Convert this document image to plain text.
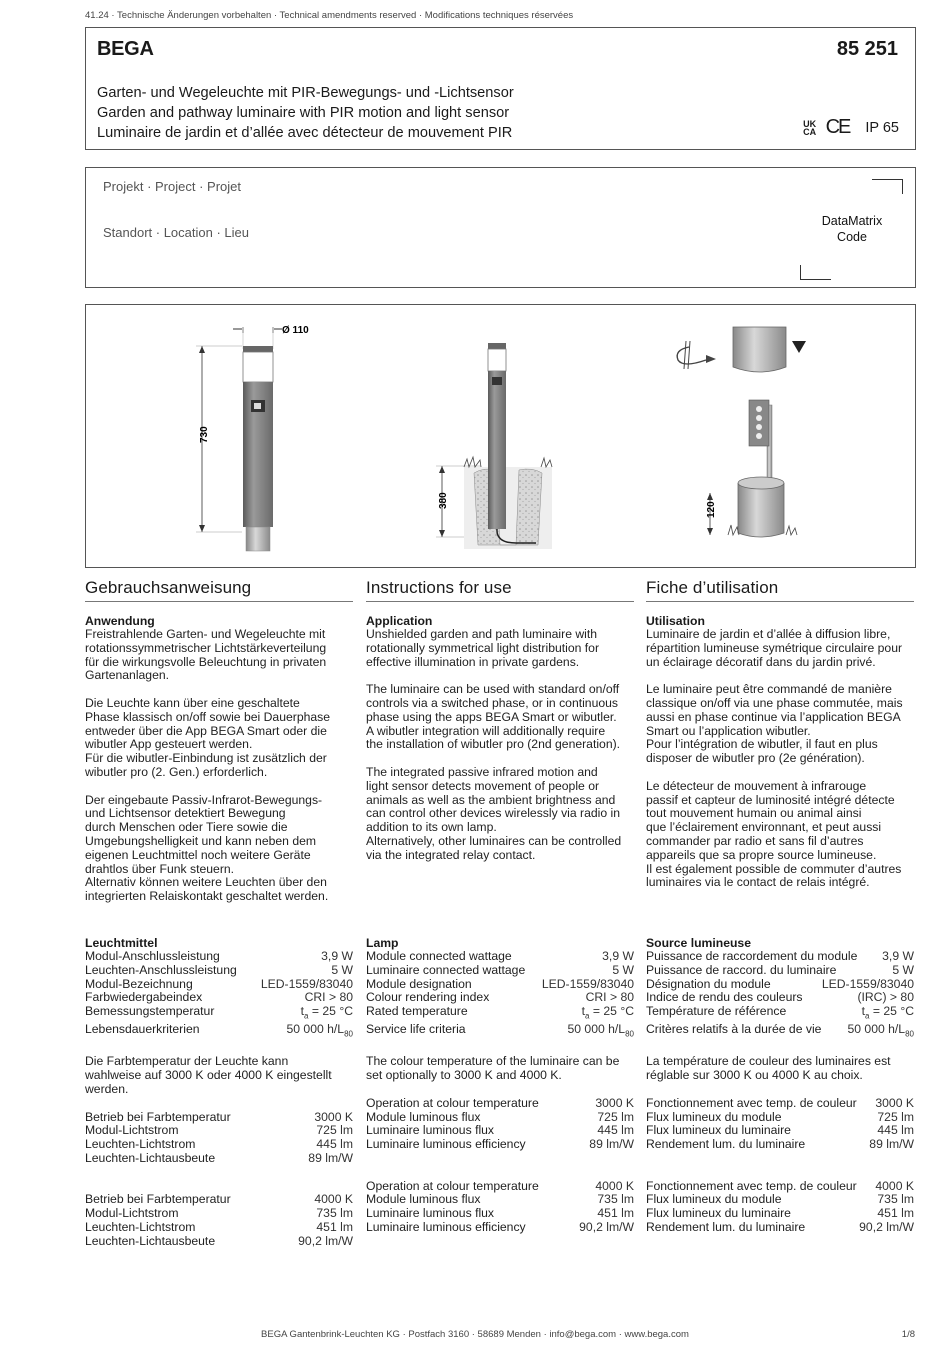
41.24 · Technische Änderungen vorbehalten · Technical amendments reserved · Modifications techniques réservées
BEGA	85 251
Garten- und Wegeleuchte mit PIR-Bewegungs- und -Lichtsensor
Garden and pathway luminaire with PIR motion and light sensor
Luminaire de jardin et d’allée avec détecteur de mouvement PIR
UK CA CE IP 65
Projekt · Project · Projet
Standort · Location · Lieu
DataMatrix
Code
Ø 110
730
380
120
Gebrauchsanweisung
Anwendung

Freistrahlende Garten- und Wegeleuchte mit
rotationssymmetrischer Lichtstärkeverteilung
für die wirkungsvolle Beleuchtung in privaten
Gartenanlagen.

Die Leuchte kann über eine geschaltete
Phase klassisch on/off sowie bei Dauerphase
entweder über die App BEGA Smart oder die
wibutler App gesteuert werden.
Für die wibutler-Einbindung ist zusätzlich der
wibutler pro (2. Gen.) erforderlich.

Der eingebaute Passiv-Infrarot-Bewegungs-
und Lichtsensor detektiert Bewegung
durch Menschen oder Tiere sowie die
Umgebungshelligkeit und kann neben dem
eigenen Leuchtmittel noch weitere Geräte
drahtlos über Funk steuern.
Alternativ können weitere Leuchten über den
integrierten Relaiskontakt geschaltet werden.

Instructions for use
Application

Unshielded garden and path luminaire with
rotationally symmetrical light distribution for
effective illumination in private gardens.

The luminaire can be used with standard on/off
controls via a switched phase, or in continuous
phase using the apps BEGA Smart or wibutler.
A wibutler integration will additionally require
the installation of wibutler pro (2nd generation).

The integrated passive infrared motion and
light sensor detects movement of people or
animals as well as the ambient brightness and
can control other devices wirelessly via radio in
addition to its own lamp.
Alternatively, other luminaires can be controlled
via the integrated relay contact.

Fiche d’utilisation
Utilisation

Luminaire de jardin et d’allée à diffusion libre,
répartition lumineuse symétrique circulaire pour
un éclairage décoratif dans du jardin privé.

Le luminaire peut être commandé de manière
classique on/off via une phase commutée, mais
aussi en phase continue via l’application BEGA
Smart ou l’application wibutler.
Pour l’intégration de wibutler, il faut en plus
disposer de wibutler pro (2e génération).

Le détecteur de mouvement à infrarouge
passif et capteur de luminosité intégré détecte
tout mouvement humain ou animal ainsi
que l’éclairement environnant, et peut aussi
commander par radio et sans fil d’autres
appareils que sa propre source lumineuse.
Il est également possible de commuter d’autres
luminaires via le contact de relais intégré.

Leuchtmittel
Modul-Anschlussleistung	3,9 W
Leuchten-Anschlussleistung	5 W
Modul-Bezeichnung	LED-1559/83040
Farbwiedergabeindex	CRI > 80
Bemessungstemperatur	$t_a = 25$ °C
Lebensdauerkriterien	50 000 $h/L_{80}$

Die Farbtemperatur der Leuchte kann
wahlweise auf 3000 K oder 4000 K eingestellt
werden.

Betrieb bei Farbtemperatur	3000 K
Modul-Lichtstrom	725 lm
Leuchten-Lichtstrom	445 lm
Leuchten-Lichtausbeute	89 lm/W
Betrieb bei Farbtemperatur	4000 K
Modul-Lichtstrom	735 lm
Leuchten-Lichtstrom	451 lm
Leuchten-Lichtausbeute	90,2 lm/W
Lamp
Module connected wattage	3,9 W
Luminaire connected wattage	5 W
Module designation	LED-1559/83040
Colour rendering index	CRI > 80
Rated temperature	$t_a = 25$ °C
Service life criteria	50 000 $h/L_{80}$

The colour temperature of the luminaire can be
set optionally to 3000 K and 4000 K.

Operation at colour temperature	3000 K
Module luminous flux	725 lm
Luminaire luminous flux	445 lm
Luminaire luminous efficiency	89 lm/W
Operation at colour temperature	4000 K
Module luminous flux	735 lm
Luminaire luminous flux	451 lm
Luminaire luminous efficiency	90,2 lm/W
Source lumineuse
Puissance de raccordement du module 3,9 W
Puissance de raccord. du luminaire	5 W
Désignation du module	LED-1559/83040
Indice de rendu des couleurs	(IRC) > 80
Température de référence	$t_a = 25$ °C
Critères relatifs à la durée de vie 50 000 $h/L_{80}$

La température de couleur des luminaires est
réglable sur 3000 K ou 4000 K au choix.

Fonctionnement avec temp. de couleur 3000 K
Flux lumineux du module	725 lm
Flux lumineux du luminaire	445 lm
Rendement lum. du luminaire	89 lm/W
Fonctionnement avec temp. de couleur 4000 K
Flux lumineux du module	735 lm
Flux lumineux du luminaire	451 lm
Rendement lum. du luminaire	90,2 lm/W
BEGA Gantenbrink-Leuchten KG · Postfach 3160 · 58689 Menden · info@bega.com · www.bega.com	1/8
